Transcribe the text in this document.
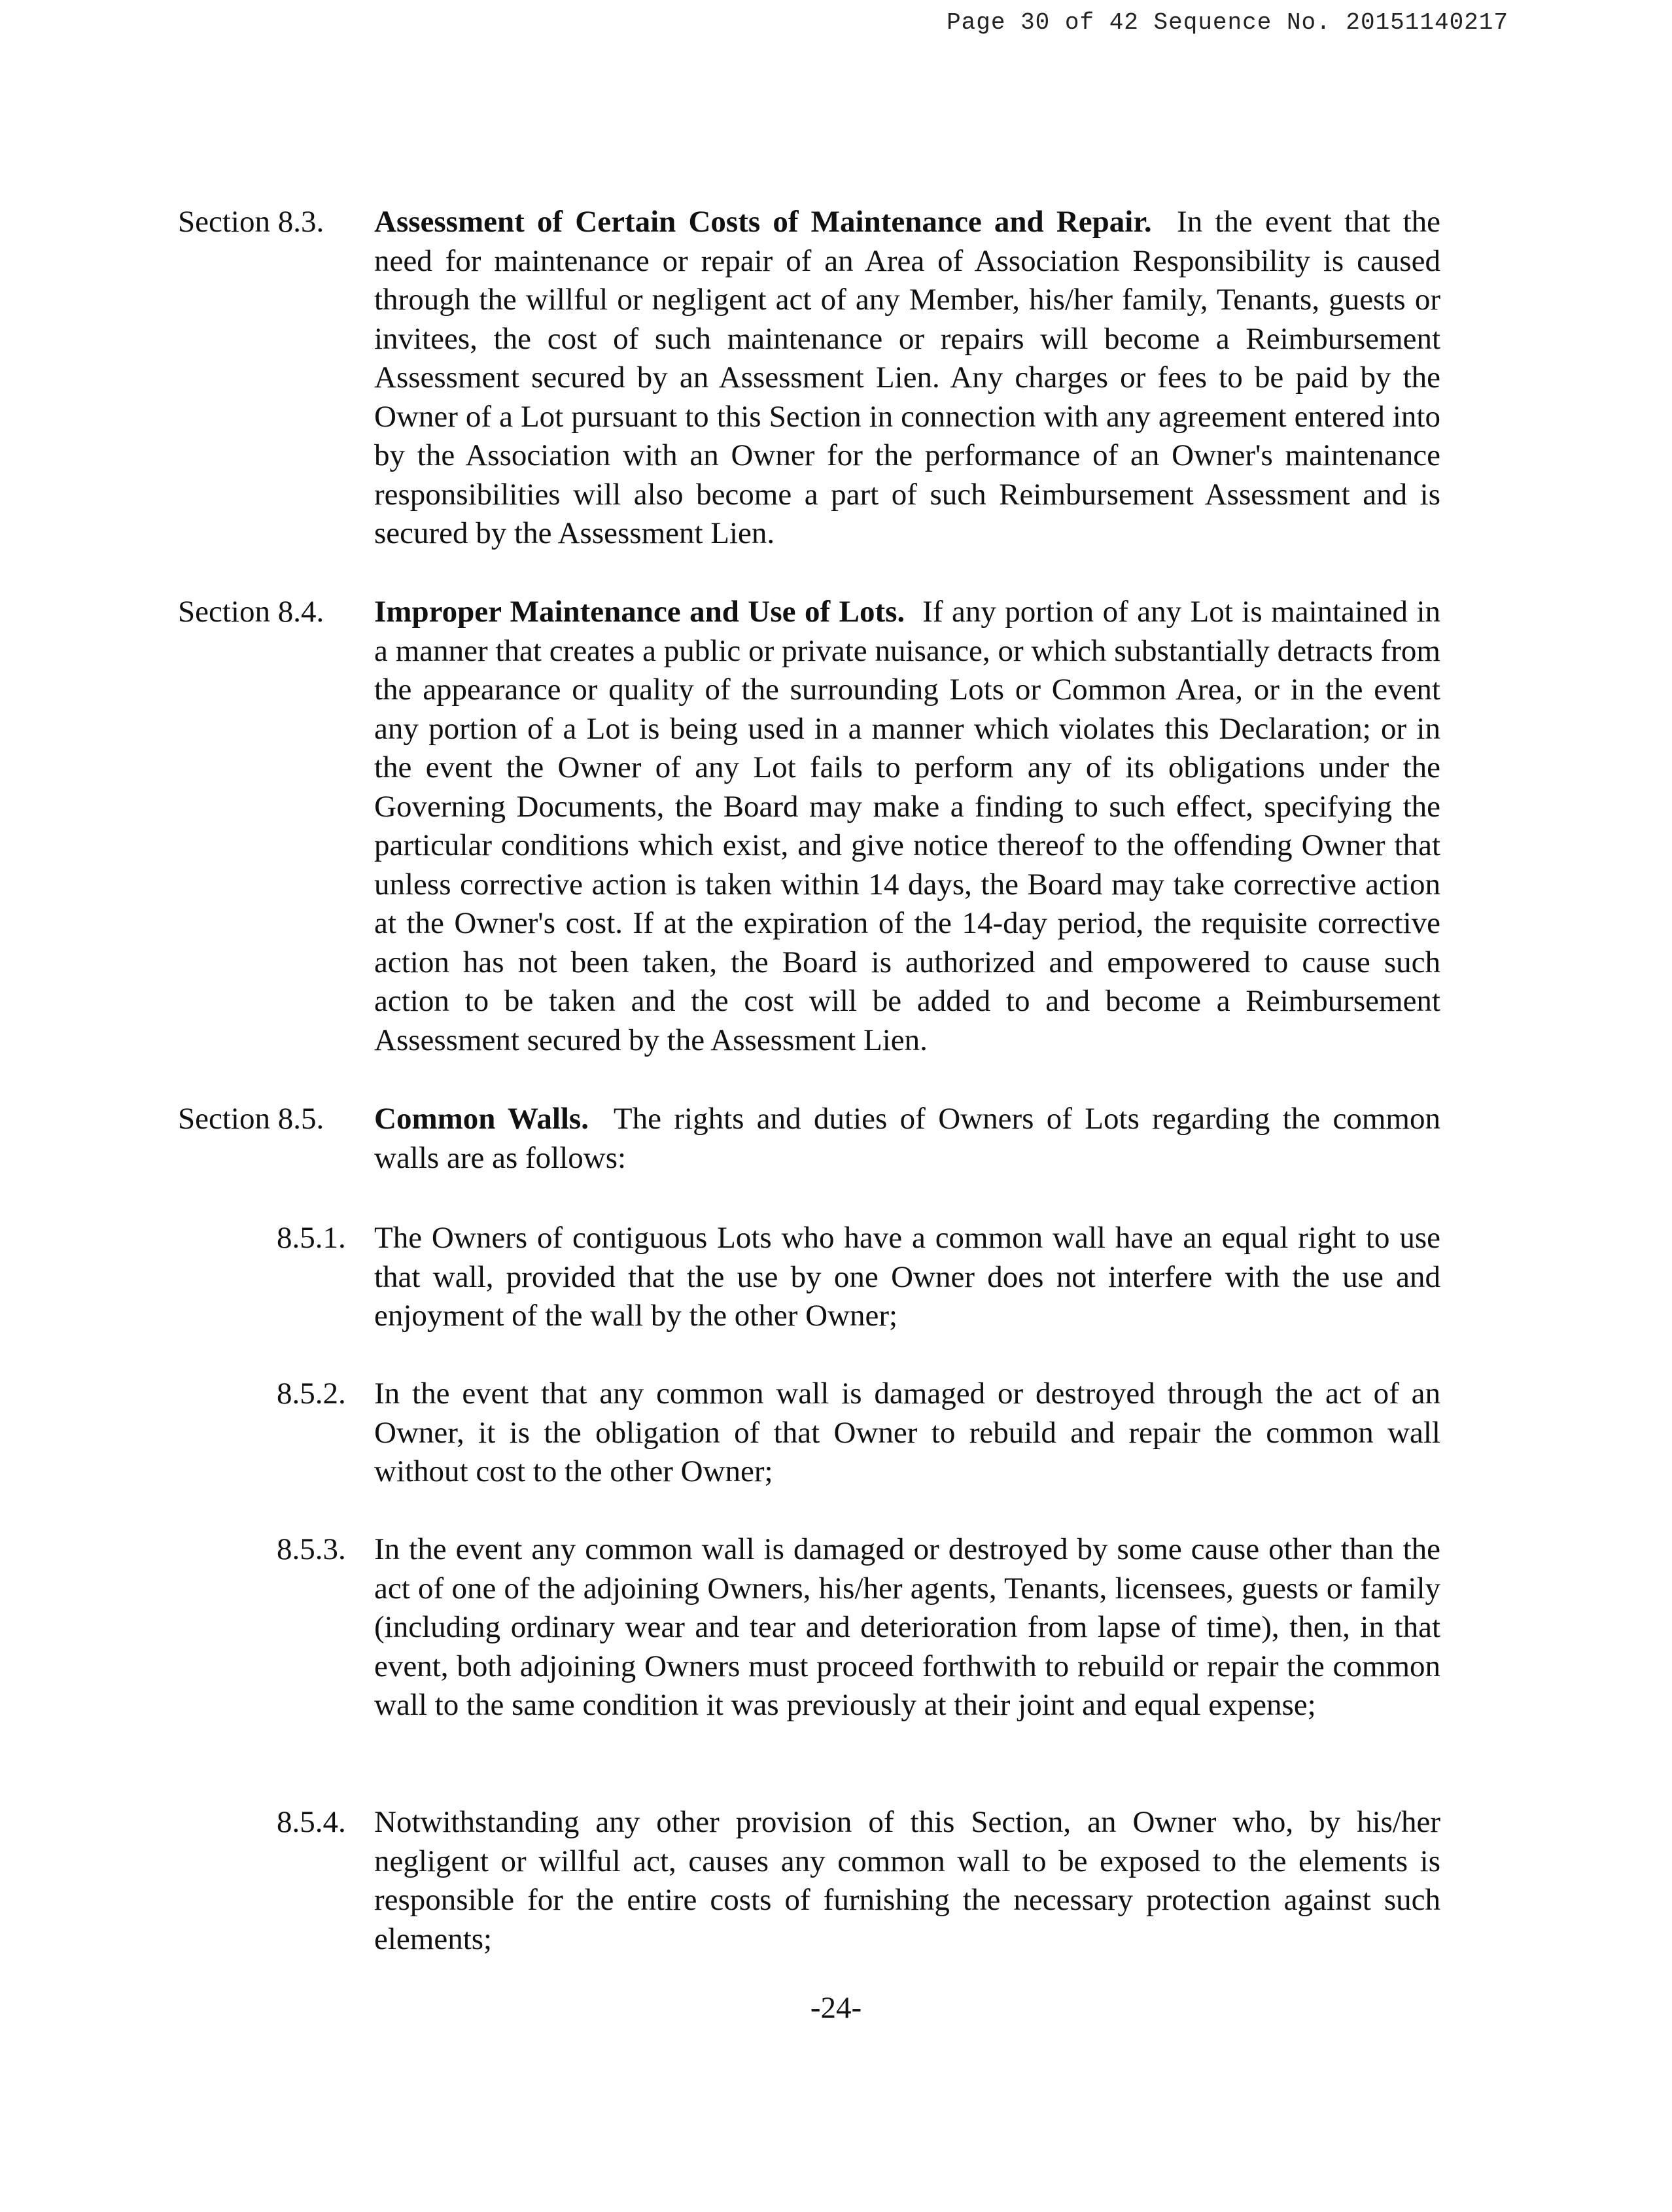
Page 30 of 42 Sequence No. 20151140217
Section 8.3. Assessment of Certain Costs of Maintenance and Repair. In the event that the need for maintenance or repair of an Area of Association Responsibility is caused through the willful or negligent act of any Member, his/her family, Tenants, guests or invitees, the cost of such maintenance or repairs will become a Reimbursement Assessment secured by an Assessment Lien. Any charges or fees to be paid by the Owner of a Lot pursuant to this Section in connection with any agreement entered into by the Association with an Owner for the performance of an Owner's maintenance responsibilities will also become a part of such Reimbursement Assessment and is secured by the Assessment Lien.
Section 8.4. Improper Maintenance and Use of Lots. If any portion of any Lot is maintained in a manner that creates a public or private nuisance, or which substantially detracts from the appearance or quality of the surrounding Lots or Common Area, or in the event any portion of a Lot is being used in a manner which violates this Declaration; or in the event the Owner of any Lot fails to perform any of its obligations under the Governing Documents, the Board may make a finding to such effect, specifying the particular conditions which exist, and give notice thereof to the offending Owner that unless corrective action is taken within 14 days, the Board may take corrective action at the Owner's cost. If at the expiration of the 14-day period, the requisite corrective action has not been taken, the Board is authorized and empowered to cause such action to be taken and the cost will be added to and become a Reimbursement Assessment secured by the Assessment Lien.
Section 8.5. Common Walls. The rights and duties of Owners of Lots regarding the common walls are as follows:
8.5.1. The Owners of contiguous Lots who have a common wall have an equal right to use that wall, provided that the use by one Owner does not interfere with the use and enjoyment of the wall by the other Owner;
8.5.2. In the event that any common wall is damaged or destroyed through the act of an Owner, it is the obligation of that Owner to rebuild and repair the common wall without cost to the other Owner;
8.5.3. In the event any common wall is damaged or destroyed by some cause other than the act of one of the adjoining Owners, his/her agents, Tenants, licensees, guests or family (including ordinary wear and tear and deterioration from lapse of time), then, in that event, both adjoining Owners must proceed forthwith to rebuild or repair the common wall to the same condition it was previously at their joint and equal expense;
8.5.4. Notwithstanding any other provision of this Section, an Owner who, by his/her negligent or willful act, causes any common wall to be exposed to the elements is responsible for the entire costs of furnishing the necessary protection against such elements;
-24-
